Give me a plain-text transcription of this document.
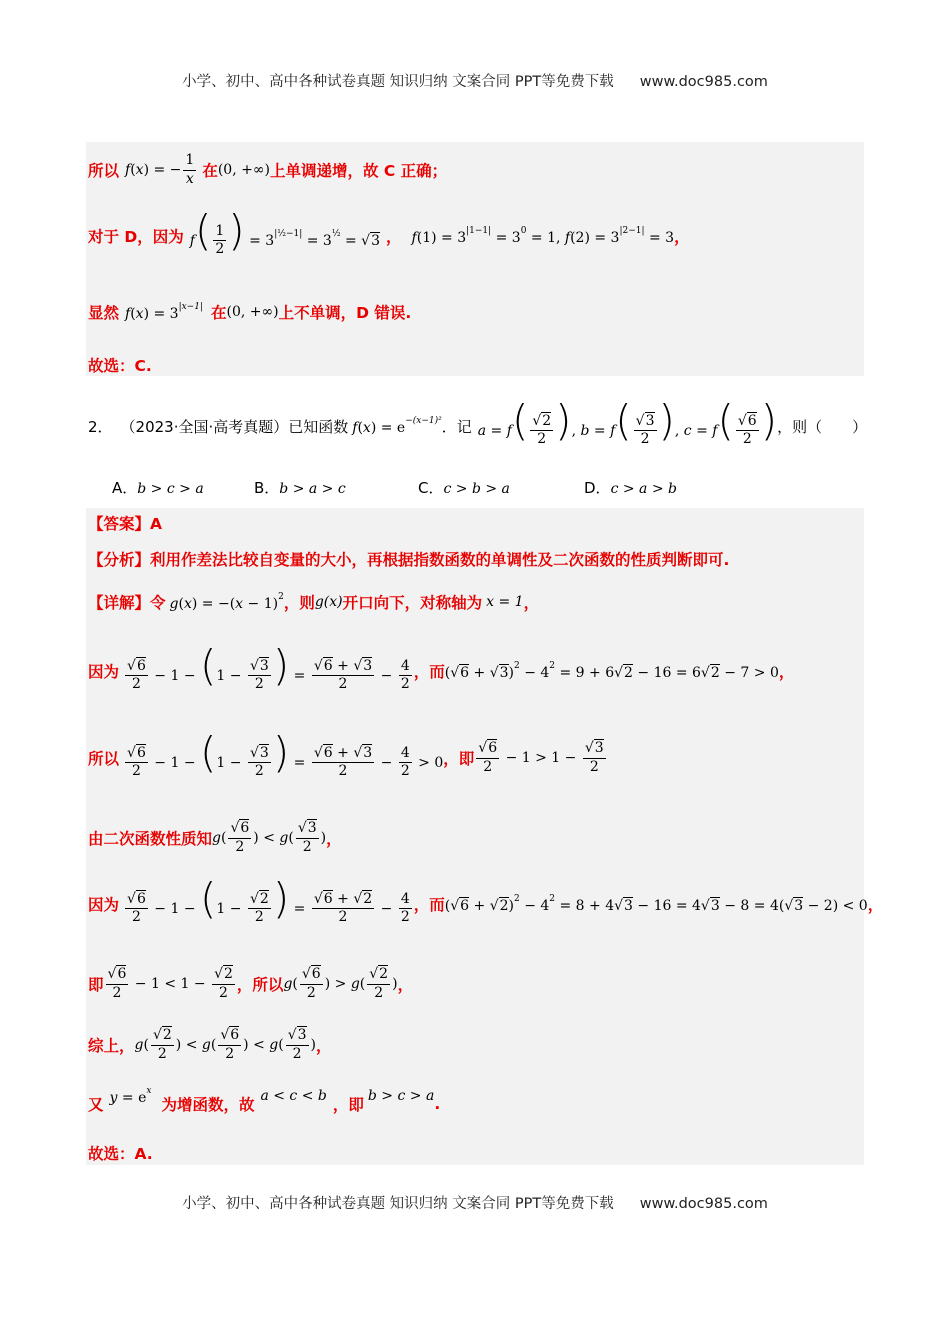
小学、初中、高中各种试卷真题 知识归纳 文案合同 PPT等免费下载 www.doc985.com
所以 f(x) = − $\frac{1}{x}$ 在 (0, +∞) 上单调递增，故 C 正确；
对于 D，因为 $f( \frac{1}{2}$ ) = $3^{|\frac{1}{2}-1|} = 3^{\frac{1}{2}} = √3$ ， $f(1) = 3^{|1-1|} = 3^0 = 1$, $f(2) = 3^{|2-1|} = 3$ ，
显然 $f(x) = 3^{|x-1|}$ 在 (0, +∞) 上不单调，D 错误.
故选：C.
2． （2023·全国·高考真题）已知函数 $f(x) = e^{-(x-1)^2}$ ．记 $a = f( \frac{√2}{2}$ ), $b = f( \frac{√3}{2}$ ), $c = f( \frac{√6}{2}$ ) ，则（　　）
A．b > c > a	B．b > a > c	C．c > b > a	D．c > a > b
【答案】A
【分析】 利用作差法比较自变量的大小，再根据指数函数的单调性及二次函数的性质判断即可.
【详解】 令 $g(x) = -(x - 1)^2$ ，则 g(x) 开口向下，对称轴为 x = 1 ，
因为 $\frac{√6}{2} - 1 - (1 - \frac{√3}{2}$ ) = $\frac{√6 + √3}{2} - \frac{4}{2}$ ，而 $(√6 + √3)^2 - 4^2 = 9 + 6√2 - 16 = 6√2 - 7 > 0$ ，
所以 $\frac{√6}{2} - 1 - (1 - \frac{√3}{2}$ ) = $\frac{√6 + √3}{2} - \frac{4}{2} > 0$ ，即 $\frac{√6}{2} - 1 > 1 - \frac{√3}{2}$
由二次函数性质知 $g( \frac{√6}{2}$ ) < $g( \frac{√3}{2}$ ) ，
因为 $\frac{√6}{2} - 1 - (1 - \frac{√2}{2}$ ) = $\frac{√6 + √2}{2} - \frac{4}{2}$ ，而 $(√6 + √2)^2 - 4^2 = 8 + 4√3 - 16 = 4√3 - 8 = 4(√3 - 2) < 0$ ，
即 $\frac{√6}{2} - 1 < 1 - \frac{√2}{2}$ ，所以 $g( \frac{√6}{2}$ ) > $g( \frac{√2}{2}$ ) ，
综上， $g( \frac{√2}{2}$ ) < $g( \frac{√6}{2}$ ) < $g( \frac{√3}{2}$ ) ，
又 $y = e^x$
为增函数，故 a < c < b ，即 b > c > a .
故选：A.
小学、初中、高中各种试卷真题 知识归纳 文案合同 PPT等免费下载 www.doc985.com
